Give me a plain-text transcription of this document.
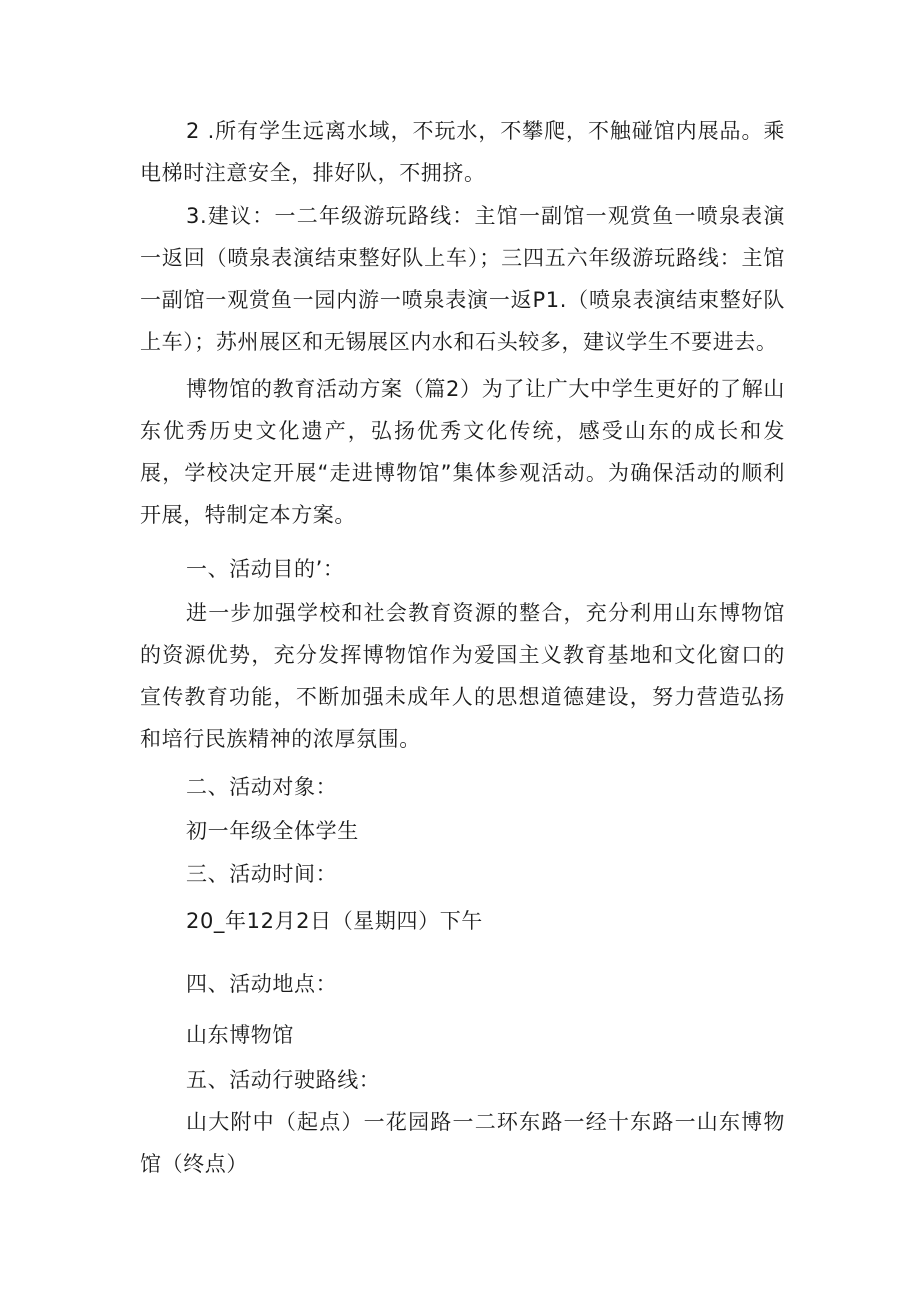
2 .所有学生远离水域，不玩水，不攀爬，不触碰馆内展品。乘电梯时注意安全，排好队，不拥挤。

3.建议：一二年级游玩路线：主馆一副馆一观赏鱼一喷泉表演一返回（喷泉表演结束整好队上车）；三四五六年级游玩路线：主馆一副馆一观赏鱼一园内游一喷泉表演一返P1.（喷泉表演结束整好队上车）；苏州展区和无锡展区内水和石头较多，建议学生不要进去。

博物馆的教育活动方案（篇2）为了让广大中学生更好的了解山东优秀历史文化遗产，弘扬优秀文化传统，感受山东的成长和发展，学校决定开展“走进博物馆”集体参观活动。为确保活动的顺利开展，特制定本方案。

一、活动目的’：

进一步加强学校和社会教育资源的整合，充分利用山东博物馆的资源优势，充分发挥博物馆作为爱国主义教育基地和文化窗口的宣传教育功能，不断加强未成年人的思想道德建设，努力营造弘扬和培行民族精神的浓厚氛围。

二、活动对象：

初一年级全体学生

三、活动时间：

20_年12月2日（星期四）下午

四、活动地点：

山东博物馆

五、活动行驶路线：

山大附中（起点）一花园路一二环东路一经十东路一山东博物馆（终点）
